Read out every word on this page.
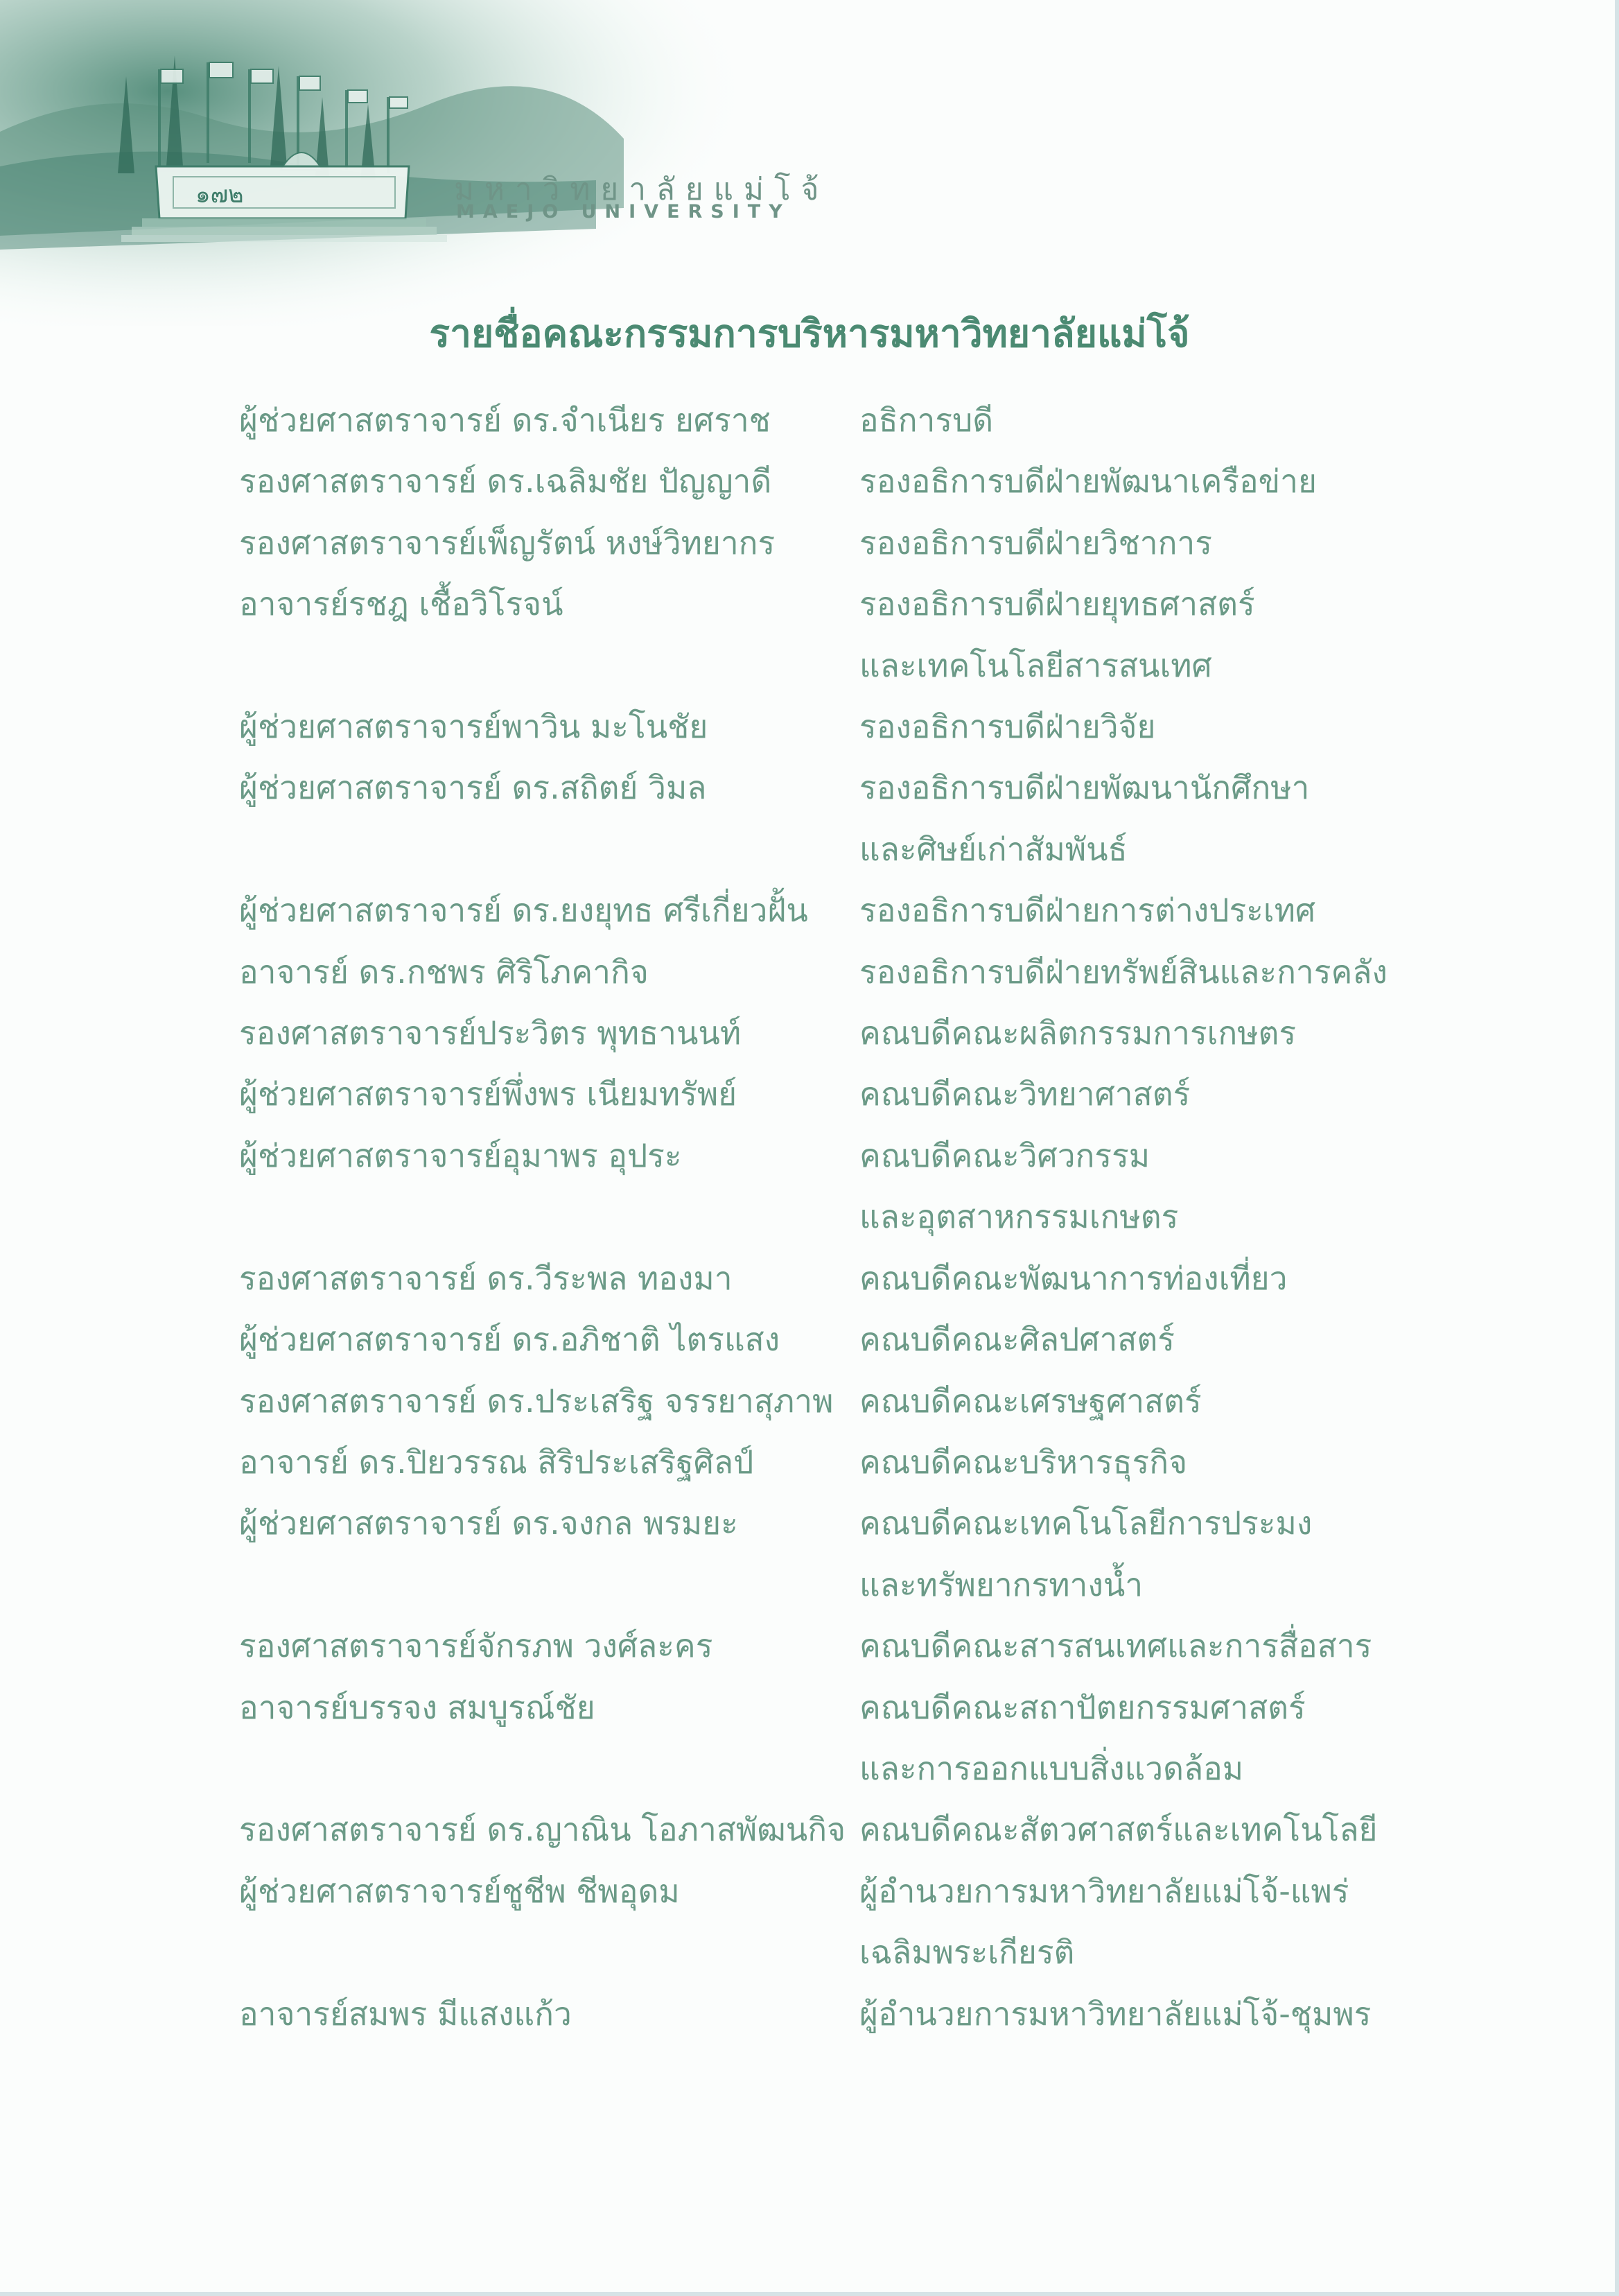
๑๗๒	มหาวิทยาลัยแม่โจ้
MAEJO UNIVERSITY
รายชื่อคณะกรรมการบริหารมหาวิทยาลัยแม่โจ้
ผู้ช่วยศาสตราจารย์ ดร.จำเนียร ยศราช	อธิการบดี
รองศาสตราจารย์ ดร.เฉลิมชัย ปัญญาดี	รองอธิการบดีฝ่ายพัฒนาเครือข่าย
รองศาสตราจารย์เพ็ญรัตน์ หงษ์วิทยากร	รองอธิการบดีฝ่ายวิชาการ
อาจารย์รชฎ เชื้อวิโรจน์	รองอธิการบดีฝ่ายยุทธศาสตร์
และเทคโนโลยีสารสนเทศ
ผู้ช่วยศาสตราจารย์พาวิน มะโนชัย	รองอธิการบดีฝ่ายวิจัย
ผู้ช่วยศาสตราจารย์ ดร.สถิตย์ วิมล	รองอธิการบดีฝ่ายพัฒนานักศึกษา
และศิษย์เก่าสัมพันธ์
ผู้ช่วยศาสตราจารย์ ดร.ยงยุทธ ศรีเกี่ยวฝั้น	รองอธิการบดีฝ่ายการต่างประเทศ
อาจารย์ ดร.กชพร ศิริโภคากิจ	รองอธิการบดีฝ่ายทรัพย์สินและการคลัง
รองศาสตราจารย์ประวิตร พุทธานนท์	คณบดีคณะผลิตกรรมการเกษตร
ผู้ช่วยศาสตราจารย์พึ่งพร เนียมทรัพย์	คณบดีคณะวิทยาศาสตร์
ผู้ช่วยศาสตราจารย์อุมาพร อุประ	คณบดีคณะวิศวกรรม
และอุตสาหกรรมเกษตร
รองศาสตราจารย์ ดร.วีระพล ทองมา	คณบดีคณะพัฒนาการท่องเที่ยว
ผู้ช่วยศาสตราจารย์ ดร.อภิชาติ ไตรแสง	คณบดีคณะศิลปศาสตร์
รองศาสตราจารย์ ดร.ประเสริฐ จรรยาสุภาพ คณบดีคณะเศรษฐศาสตร์
อาจารย์ ดร.ปิยวรรณ สิริประเสริฐศิลป์	คณบดีคณะบริหารธุรกิจ
ผู้ช่วยศาสตราจารย์ ดร.จงกล พรมยะ	คณบดีคณะเทคโนโลยีการประมง
และทรัพยากรทางน้ำ
รองศาสตราจารย์จักรภพ วงศ์ละคร	คณบดีคณะสารสนเทศและการสื่อสาร
อาจารย์บรรจง สมบูรณ์ชัย	คณบดีคณะสถาปัตยกรรมศาสตร์
และการออกแบบสิ่งแวดล้อม
รองศาสตราจารย์ ดร.ญาณิน โอภาสพัฒนกิจ คณบดีคณะสัตวศาสตร์และเทคโนโลยี
ผู้ช่วยศาสตราจารย์ชูชีพ ชีพอุดม	ผู้อำนวยการมหาวิทยาลัยแม่โจ้-แพร่
เฉลิมพระเกียรติ
อาจารย์สมพร มีแสงแก้ว	ผู้อำนวยการมหาวิทยาลัยแม่โจ้-ชุมพร
